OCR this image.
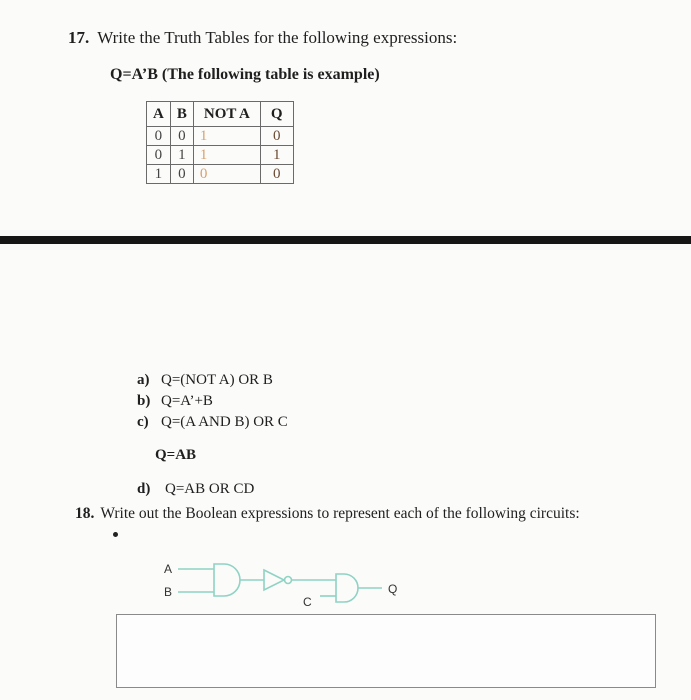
17. Write the Truth Tables for the following expressions:
Q=A’B (The following table is example)
A	B	NOT A	Q
0	0	1	0
0	1	1	1
1	0	0	0
a) Q=(NOT A) OR B
b) Q=A’+B
c) Q=(A AND B) OR C
Q=AB
d) Q=AB OR CD
18. Write out the Boolean expressions to represent each of the following circuits:
A
B
C
Q
